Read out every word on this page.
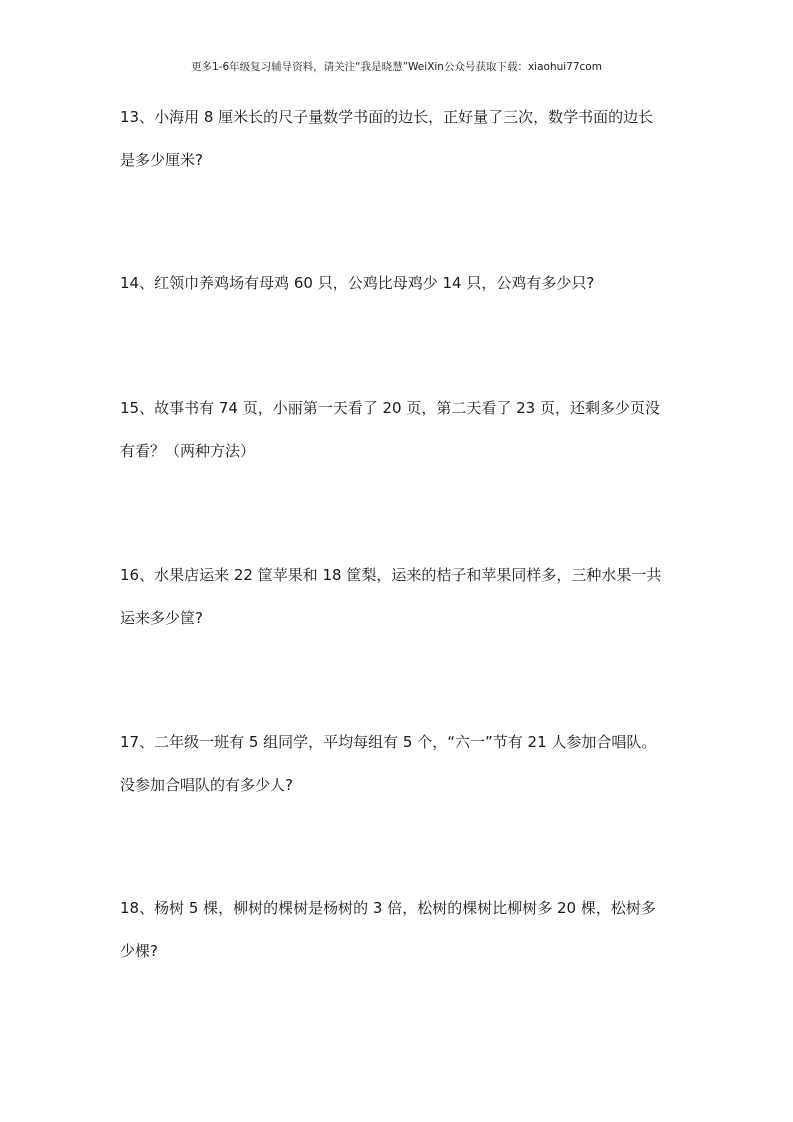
更多1-6年级复习辅导资料，请关注“我是晓慧”WeiXin公众号获取下载：xiaohui77com
13、小海用 8 厘米长的尺子量数学书面的边长，正好量了三次，数学书面的边长
是多少厘米?
14、红领巾养鸡场有母鸡 60 只，公鸡比母鸡少 14 只，公鸡有多少只?
15、故事书有 74 页，小丽第一天看了 20 页，第二天看了 23 页，还剩多少页没
有看？（两种方法）
16、水果店运来 22 筐苹果和 18 筐梨，运来的桔子和苹果同样多，三种水果一共
运来多少筐?
17、二年级一班有 5 组同学，平均每组有 5 个，“六一”节有 21 人参加合唱队。
没参加合唱队的有多少人?
18、杨树 5 棵，柳树的棵树是杨树的 3 倍，松树的棵树比柳树多 20 棵，松树多
少棵?
